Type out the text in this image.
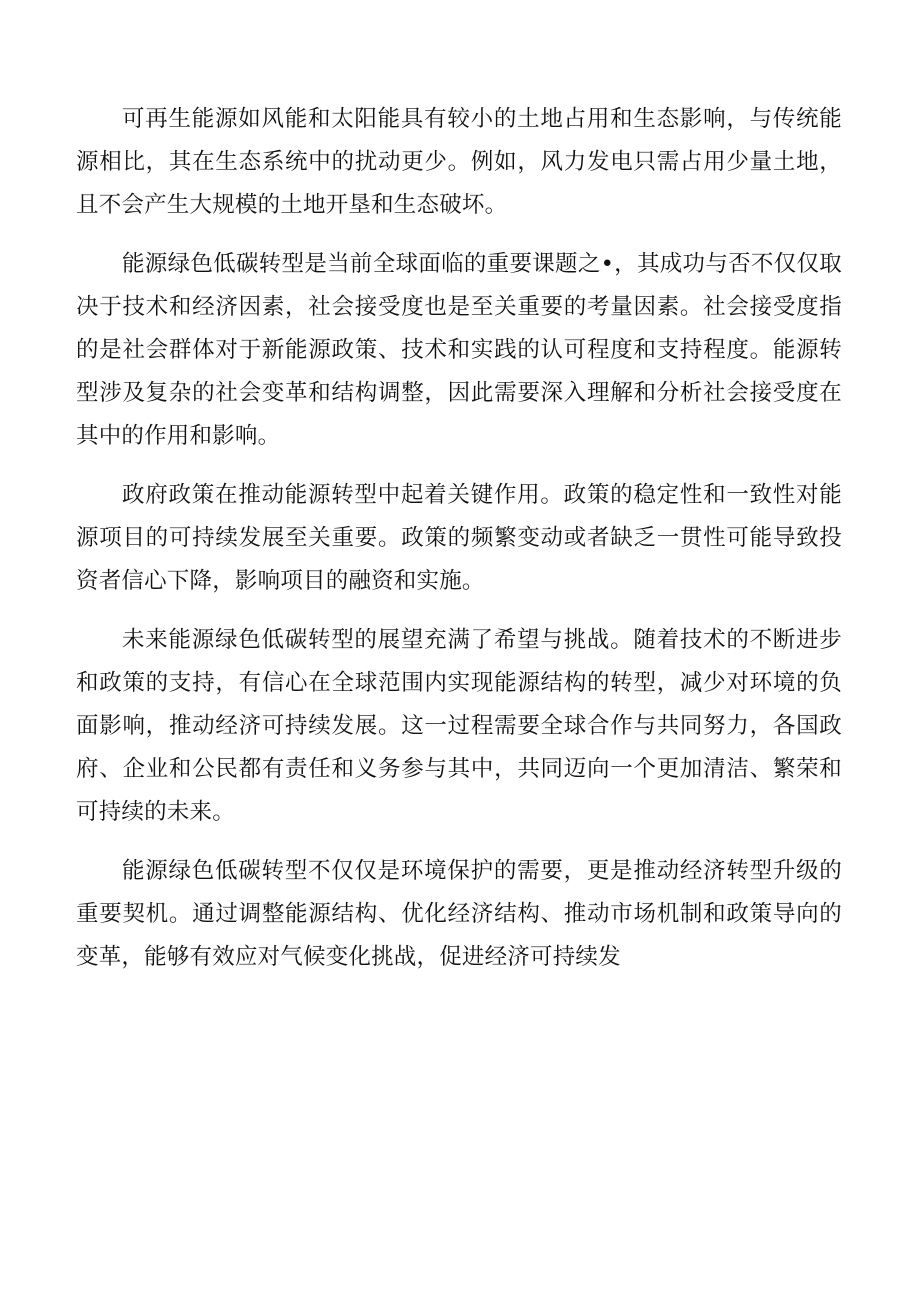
可再生能源如风能和太阳能具有较小的土地占用和生态影响，与传统能源相比，其在生态系统中的扰动更少。例如，风力发电只需占用少量土地，且不会产生大规模的土地开垦和生态破坏。

能源绿色低碳转型是当前全球面临的重要课题之•，其成功与否不仅仅取决于技术和经济因素，社会接受度也是至关重要的考量因素。社会接受度指的是社会群体对于新能源政策、技术和实践的认可程度和支持程度。能源转型涉及复杂的社会变革和结构调整，因此需要深入理解和分析社会接受度在其中的作用和影响。

政府政策在推动能源转型中起着关键作用。政策的稳定性和一致性对能源项目的可持续发展至关重要。政策的频繁变动或者缺乏一贯性可能导致投资者信心下降，影响项目的融资和实施。

未来能源绿色低碳转型的展望充满了希望与挑战。随着技术的不断进步和政策的支持，有信心在全球范围内实现能源结构的转型，减少对环境的负面影响，推动经济可持续发展。这一过程需要全球合作与共同努力，各国政府、企业和公民都有责任和义务参与其中，共同迈向一个更加清洁、繁荣和可持续的未来。

能源绿色低碳转型不仅仅是环境保护的需要，更是推动经济转型升级的重要契机。通过调整能源结构、优化经济结构、推动市场机制和政策导向的变革，能够有效应对气候变化挑战，促进经济可持续发
